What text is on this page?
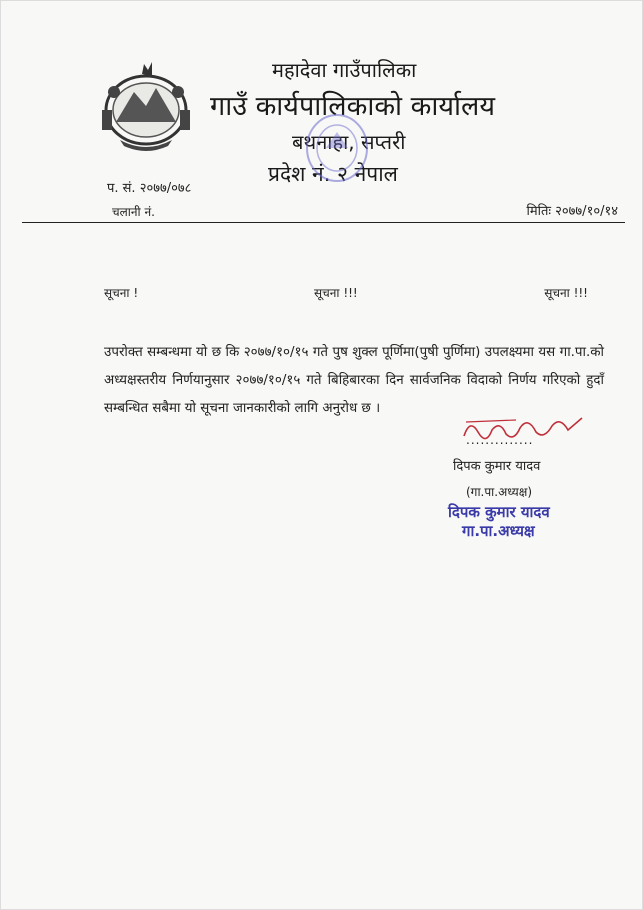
महादेवा गाउँपालिका
गाउँ कार्यपालिकाको कार्यालय
बथनाहा, सप्तरी
प्रदेश नं. २ नेपाल
प. सं. २०७७/०७८
चलानी नं.	मितिः २०७७/१०/१४
सूचना !	सूचना !!!	सूचना !!!
उपरोक्त सम्बन्धमा यो छ कि २०७७/१०/१५ गते पुष शुक्ल पूर्णिमा(पुषी पुर्णिमा) उपलक्ष्यमा यस गा.पा.को अध्यक्षस्तरीय निर्णयानुसार २०७७/१०/१५ गते बिहिबारका दिन सार्वजनिक विदाको निर्णय गरिएको हुदाँ सम्बन्धित सबैमा यो सूचना जानकारीको लागि अनुरोध छ ।
..............
दिपक कुमार यादव
(गा.पा.अध्यक्ष)
दिपक कुमार यादव
गा.पा.अध्यक्ष
